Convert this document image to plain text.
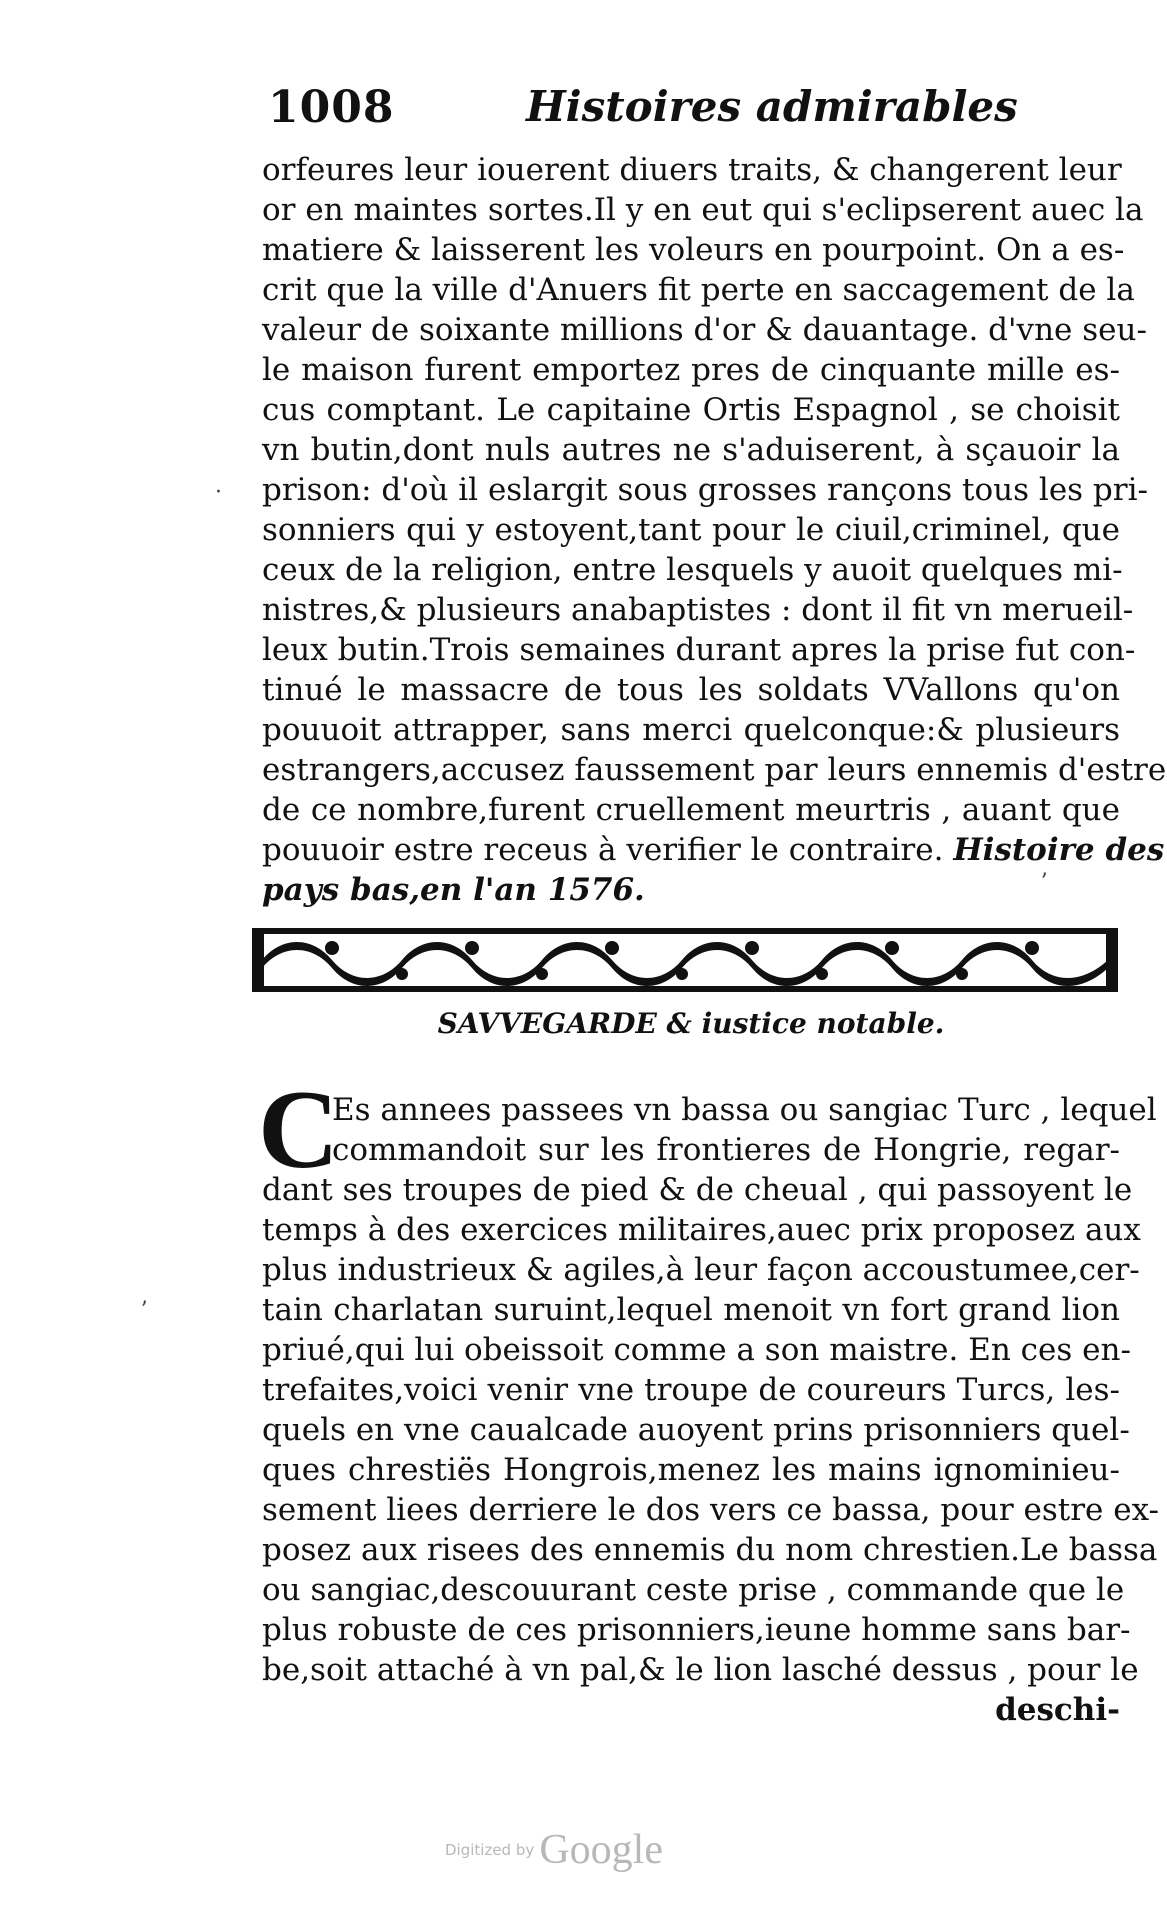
1008	Histoires admirables
orfeures leur iouerent diuers traits, & changerent leur
or en maintes sortes.Il y en eut qui s'eclipserent auec la
matiere & laisserent les voleurs en pourpoint. On a es-
crit que la ville d'Anuers fit perte en saccagement de la
valeur de soixante millions d'or & dauantage. d'vne seu-
le maison furent emportez pres de cinquante mille es-
cus comptant. Le capitaine Ortis Espagnol , se choisit
vn butin,dont nuls autres ne s'aduiserent, à sçauoir la
prison: d'où il eslargit sous grosses rançons tous les pri-
sonniers qui y estoyent,tant pour le ciuil,criminel, que
ceux de la religion, entre lesquels y auoit quelques mi-
nistres,& plusieurs anabaptistes : dont il fit vn merueil-
leux butin.Trois semaines durant apres la prise fut con-
tinué le massacre de tous les soldats VVallons qu'on
pouuoit attrapper, sans merci quelconque:& plusieurs
estrangers,accusez faussement par leurs ennemis d'estre
de ce nombre,furent cruellement meurtris , auant que
pouuoir estre receus à verifier le contraire. Histoire des
pays bas,en l'an 1576.
SAVVEGARDE & iustice notable.
C
Es annees passees vn bassa ou sangiac Turc , lequel
commandoit sur les frontieres de Hongrie, regar-
dant ses troupes de pied & de cheual , qui passoyent le
temps à des exercices militaires,auec prix proposez aux
plus industrieux & agiles,à leur façon accoustumee,cer-
tain charlatan suruint,lequel menoit vn fort grand lion
priué,qui lui obeissoit comme a son maistre. En ces en-
trefaites,voici venir vne troupe de coureurs Turcs, les-
quels en vne caualcade auoyent prins prisonniers quel-
ques chrestiës Hongrois,menez les mains ignominieu-
sement liees derriere le dos vers ce bassa, pour estre ex-
posez aux risees des ennemis du nom chrestien.Le bassa
ou sangiac,descouurant ceste prise , commande que le
plus robuste de ces prisonniers,ieune homme sans bar-
be,soit attaché à vn pal,& le lion lasché dessus , pour le
deschi-
·
ʼ
ʼ
Digitized by Google
